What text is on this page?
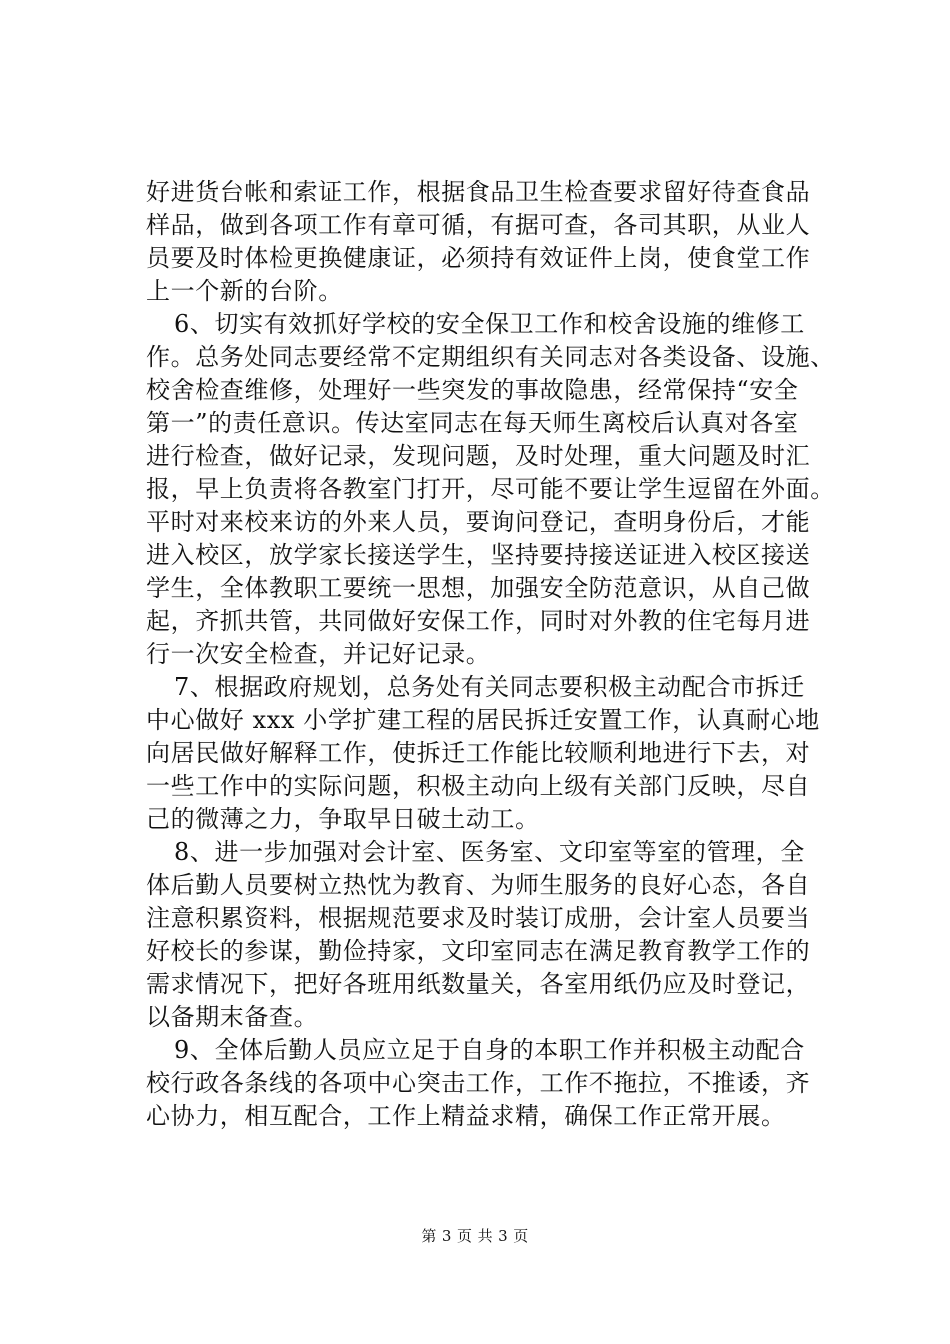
好进货台帐和索证工作，根据食品卫生检查要求留好待查食品
样品，做到各项工作有章可循，有据可查，各司其职，从业人
员要及时体检更换健康证，必须持有效证件上岗，使食堂工作
上一个新的台阶。
6、切实有效抓好学校的安全保卫工作和校舍设施的维修工
作。总务处同志要经常不定期组织有关同志对各类设备、设施、
校舍检查维修，处理好一些突发的事故隐患，经常保持“安全
第一”的责任意识。传达室同志在每天师生离校后认真对各室
进行检查，做好记录，发现问题，及时处理，重大问题及时汇
报，早上负责将各教室门打开，尽可能不要让学生逗留在外面。
平时对来校来访的外来人员，要询问登记，查明身份后，才能
进入校区，放学家长接送学生，坚持要持接送证进入校区接送
学生，全体教职工要统一思想，加强安全防范意识，从自己做
起，齐抓共管，共同做好安保工作，同时对外教的住宅每月进
行一次安全检查，并记好记录。
7、根据政府规划，总务处有关同志要积极主动配合市拆迁
中心做好 xxx 小学扩建工程的居民拆迁安置工作，认真耐心地
向居民做好解释工作，使拆迁工作能比较顺利地进行下去，对
一些工作中的实际问题，积极主动向上级有关部门反映，尽自
己的微薄之力，争取早日破土动工。
8、进一步加强对会计室、医务室、文印室等室的管理，全
体后勤人员要树立热忱为教育、为师生服务的良好心态，各自
注意积累资料，根据规范要求及时装订成册，会计室人员要当
好校长的参谋，勤俭持家，文印室同志在满足教育教学工作的
需求情况下，把好各班用纸数量关，各室用纸仍应及时登记，
以备期末备查。
9、全体后勤人员应立足于自身的本职工作并积极主动配合
校行政各条线的各项中心突击工作，工作不拖拉，不推诿，齐
心协力，相互配合，工作上精益求精，确保工作正常开展。
第 3 页 共 3 页
